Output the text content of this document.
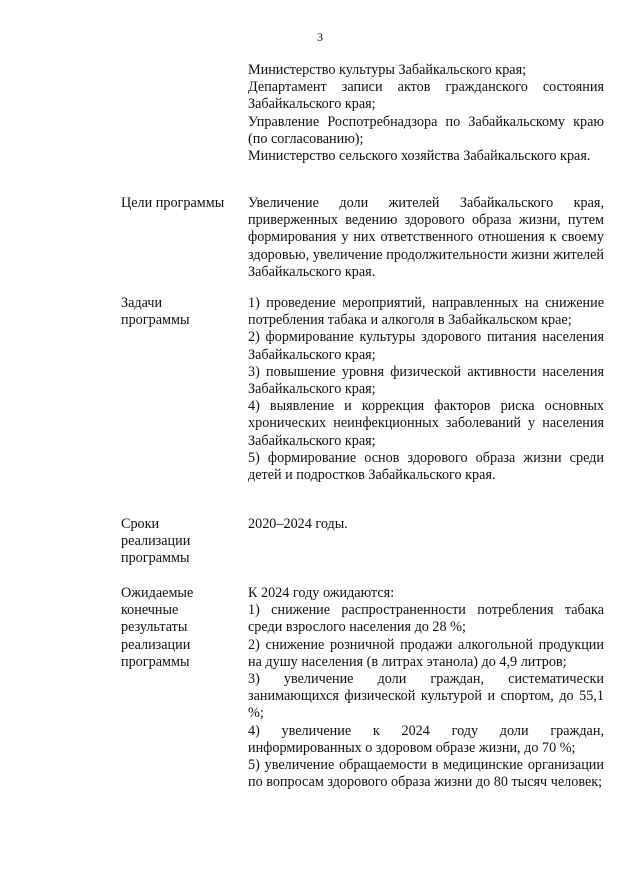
3
Министерство культуры Забайкальского края;
Департамент записи актов гражданского состояния Забайкальского края;
Управление Роспотребнадзора по Забайкальскому краю (по согласованию);
Министерство сельского хозяйства Забайкальского края.
Цели программы	Увеличение доли жителей Забайкальского края, приверженных ведению здорового образа жизни, путем формирования у них ответственного отношения к своему здоровью, увеличение продолжительности жизни жителей Забайкальского края.
Задачи
программы
1) проведение мероприятий, направленных на снижение потребления табака и алкоголя в Забайкальском крае;
2) формирование культуры здорового питания населения Забайкальского края;
3) повышение уровня физической активности населения Забайкальского края;
4) выявление и коррекция факторов риска основных хронических неинфекционных заболеваний у населения Забайкальского края;
5) формирование основ здорового образа жизни среди детей и подростков Забайкальского края.
Сроки
реализации
программы
2020–2024 годы.
Ожидаемые
конечные
результаты
реализации
программы
К 2024 году ожидаются:
1) снижение распространенности потребления табака среди взрослого населения до 28 %;
2) снижение розничной продажи алкогольной продукции на душу населения (в литрах этанола) до 4,9 литров;
3) увеличение доли граждан, систематически занимающихся физической культурой и спортом, до 55,1 %;
4) увеличение к 2024 году доли граждан, информированных о здоровом образе жизни, до 70 %;
5) увеличение обращаемости в медицинские организации по вопросам здорового образа жизни до 80 тысяч человек;
